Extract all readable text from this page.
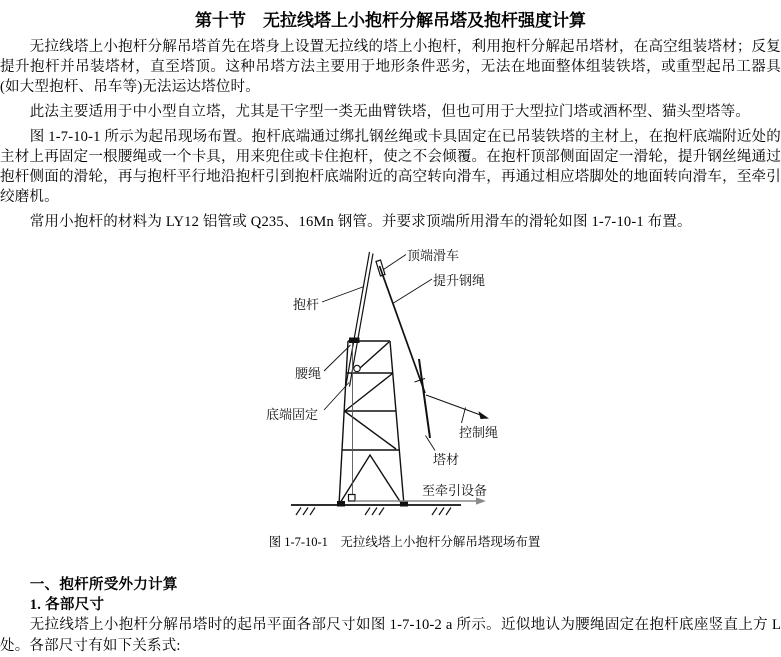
第十节　无拉线塔上小抱杆分解吊塔及抱杆强度计算

无拉线塔上小抱杆分解吊塔首先在塔身上设置无拉线的塔上小抱杆，利用抱杆分解起吊塔材，在高空组装塔材；反复提升抱杆并吊装塔材，直至塔顶。这种吊塔方法主要用于地形条件恶劣，无法在地面整体组装铁塔，或重型起吊工器具(如大型抱杆、吊车等)无法运达塔位时。

此法主要适用于中小型自立塔，尤其是干字型一类无曲臂铁塔，但也可用于大型拉门塔或酒杯型、猫头型塔等。

图 1-7-10-1 所示为起吊现场布置。抱杆底端通过绑扎钢丝绳或卡具固定在已吊装铁塔的主材上，在抱杆底端附近处的主材上再固定一根腰绳或一个卡具，用来兜住或卡住抱杆，使之不会倾覆。在抱杆顶部侧面固定一滑轮，提升钢丝绳通过抱杆侧面的滑轮，再与抱杆平行地沿抱杆引到抱杆底端附近的高空转向滑车，再通过相应塔脚处的地面转向滑车，至牵引绞磨机。

常用小抱杆的材料为 LY12 铝管或 Q235、16Mn 钢管。并要求顶端所用滑车的滑轮如图 1-7-10-1 布置。

顶端滑车
提升钢绳
抱杆
腰绳
底端固定
控制绳
塔材
至牵引设备

图 1-7-10-1　无拉线塔上小抱杆分解吊塔现场布置

一、抱杆所受外力计算
1. 各部尺寸

无拉线塔上小抱杆分解吊塔时的起吊平面各部尺寸如图 1-7-10-2 a 所示。近似地认为腰绳固定在抱杆底座竖直上方 L 处。各部尺寸有如下关系式:
